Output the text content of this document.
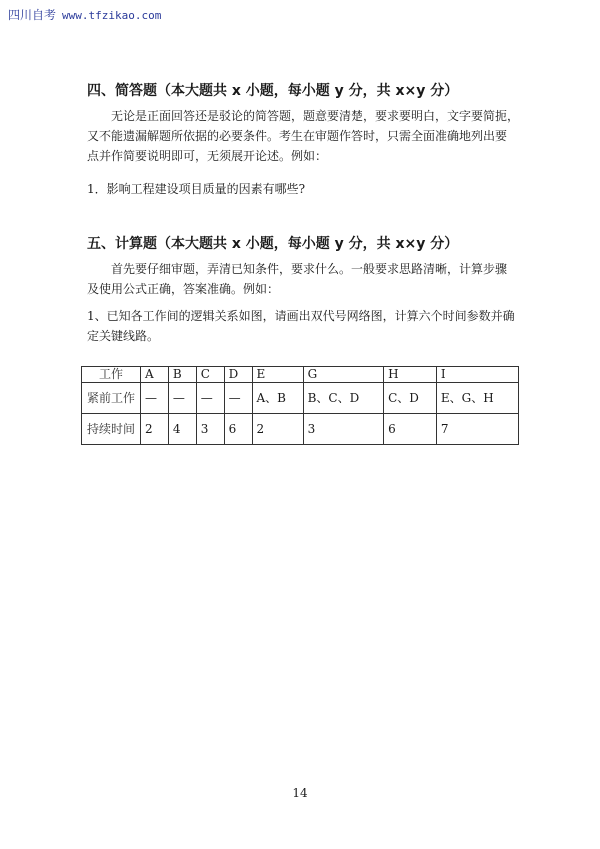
四川自考 www.tfzikao.com
四、简答题（本大题共 x 小题，每小题 y 分，共 x×y 分）
无论是正面回答还是驳论的简答题，题意要清楚，要求要明白，文字要简扼，
又不能遗漏解题所依据的必要条件。考生在审题作答时，只需全面准确地列出要
点并作简要说明即可，无须展开论述。例如：
1．影响工程建设项目质量的因素有哪些?
五、计算题（本大题共 x 小题，每小题 y 分，共 x×y 分）
首先要仔细审题，弄清已知条件，要求什么。一般要求思路清晰，计算步骤
及使用公式正确，答案准确。例如：
1、已知各工作间的逻辑关系如图，请画出双代号网络图，计算六个时间参数并确
定关键线路。
工作	A	B	C	D	E	G	H	I
紧前工作	—	—	—	—	A、B	B、C、D	C、D	E、G、H
持续时间	2	4	3	6	2	3	6	7
14
